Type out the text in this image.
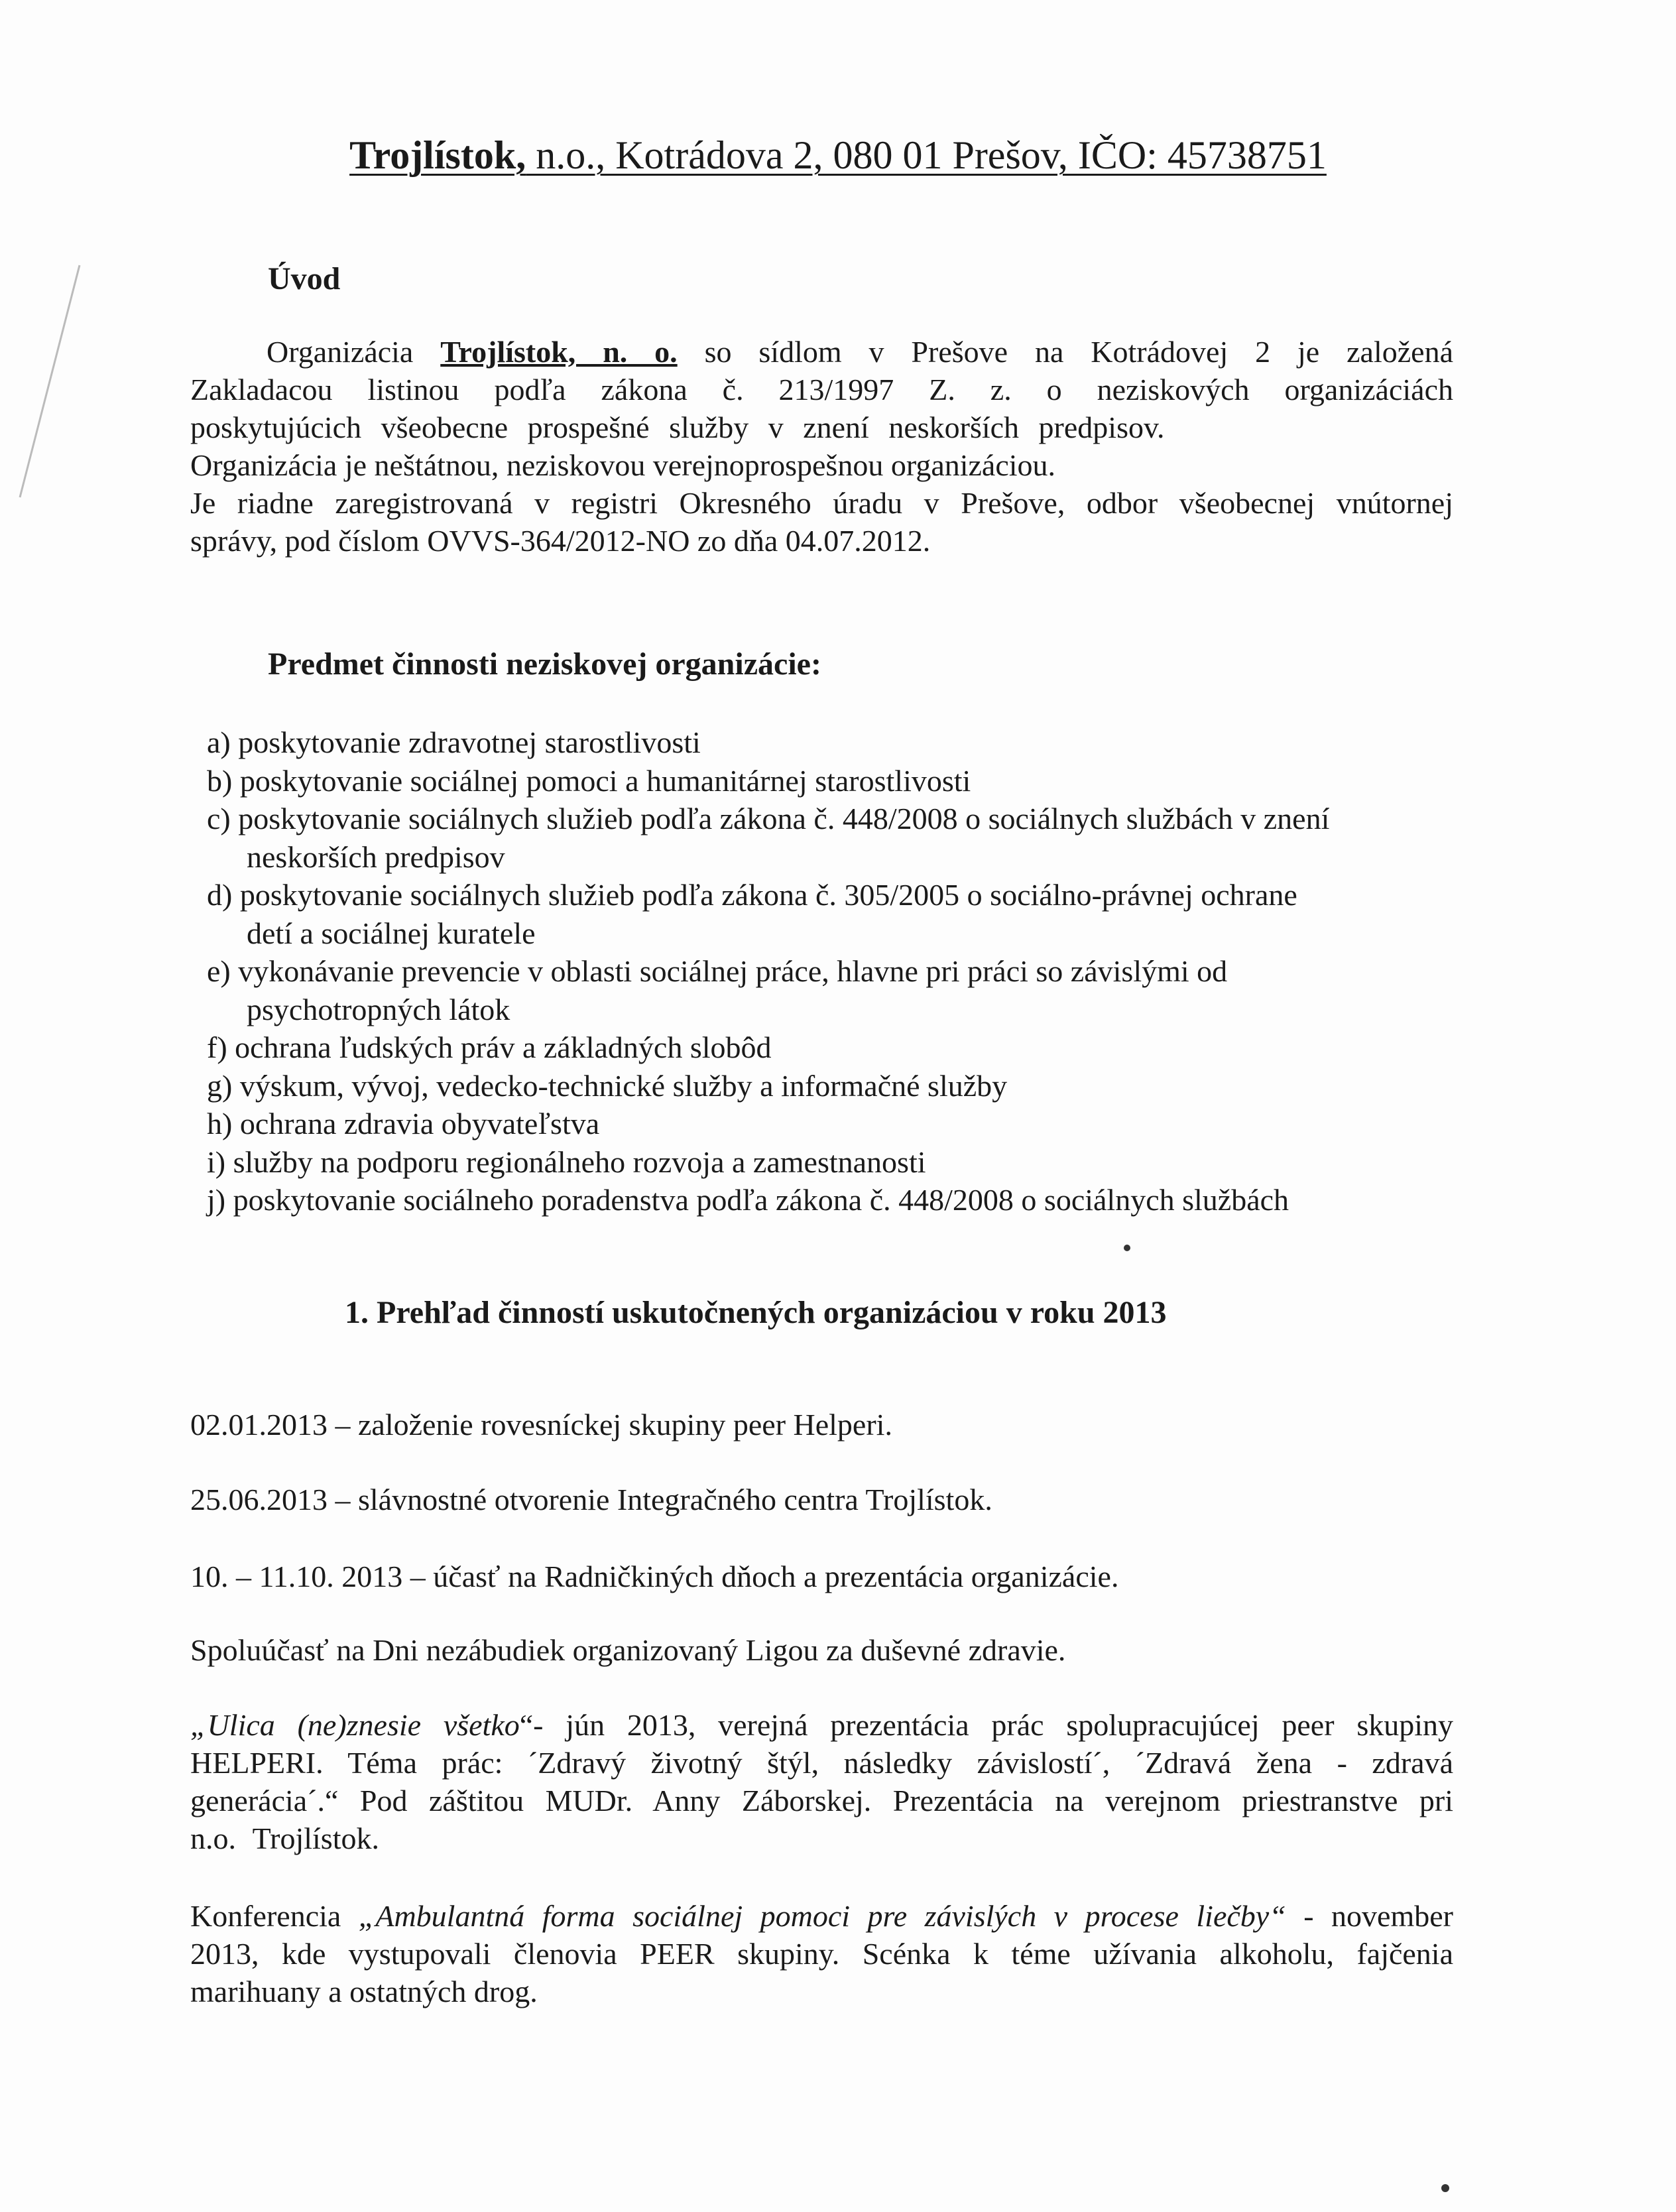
Trojlístok, n.o., Kotrádova 2, 080 01 Prešov, IČO: 45738751
Úvod
Organizácia Trojlístok, n. o. so sídlom v Prešove na Kotrádovej 2 je založená
Zakladacou listinou podľa zákona č. 213/1997 Z. z. o neziskových organizáciách
poskytujúcich všeobecne prospešné služby v znení neskorších predpisov.
Organizácia je neštátnou, neziskovou verejnoprospešnou organizáciou.
Je riadne zaregistrovaná v registri Okresného úradu v Prešove, odbor všeobecnej vnútornej
správy, pod číslom OVVS-364/2012-NO zo dňa 04.07.2012.
Predmet činnosti neziskovej organizácie:
a) poskytovanie zdravotnej starostlivosti
b) poskytovanie sociálnej pomoci a humanitárnej starostlivosti
c) poskytovanie sociálnych služieb podľa zákona č. 448/2008 o sociálnych službách v znení
neskorších predpisov
d) poskytovanie sociálnych služieb podľa zákona č. 305/2005 o sociálno-právnej ochrane
detí a sociálnej kuratele
e) vykonávanie prevencie v oblasti sociálnej práce, hlavne pri práci so závislými od
psychotropných látok
f) ochrana ľudských práv a základných slobôd
g) výskum, vývoj, vedecko-technické služby a informačné služby
h) ochrana zdravia obyvateľstva
i) služby na podporu regionálneho rozvoja a zamestnanosti
j) poskytovanie sociálneho poradenstva podľa zákona č. 448/2008 o sociálnych službách
1. Prehľad činností uskutočnených organizáciou v roku 2013
02.01.2013 – založenie rovesníckej skupiny peer Helperi.
25.06.2013 – slávnostné otvorenie Integračného centra Trojlístok.
10. – 11.10. 2013 – účasť na Radničkiných dňoch a prezentácia organizácie.
Spoluúčasť na Dni nezábudiek organizovaný Ligou za duševné zdravie.
„Ulica (ne)znesie všetko“- jún 2013, verejná prezentácia prác spolupracujúcej peer skupiny
HELPERI. Téma prác: ´Zdravý životný štýl, následky závislostí´, ´Zdravá žena - zdravá
generácia´.“ Pod záštitou MUDr. Anny Záborskej. Prezentácia na verejnom priestranstve pri
n.o. Trojlístok.
Konferencia „Ambulantná forma sociálnej pomoci pre závislých v procese liečby“ - november
2013, kde vystupovali členovia PEER skupiny. Scénka k téme užívania alkoholu, fajčenia
marihuany a ostatných drog.
